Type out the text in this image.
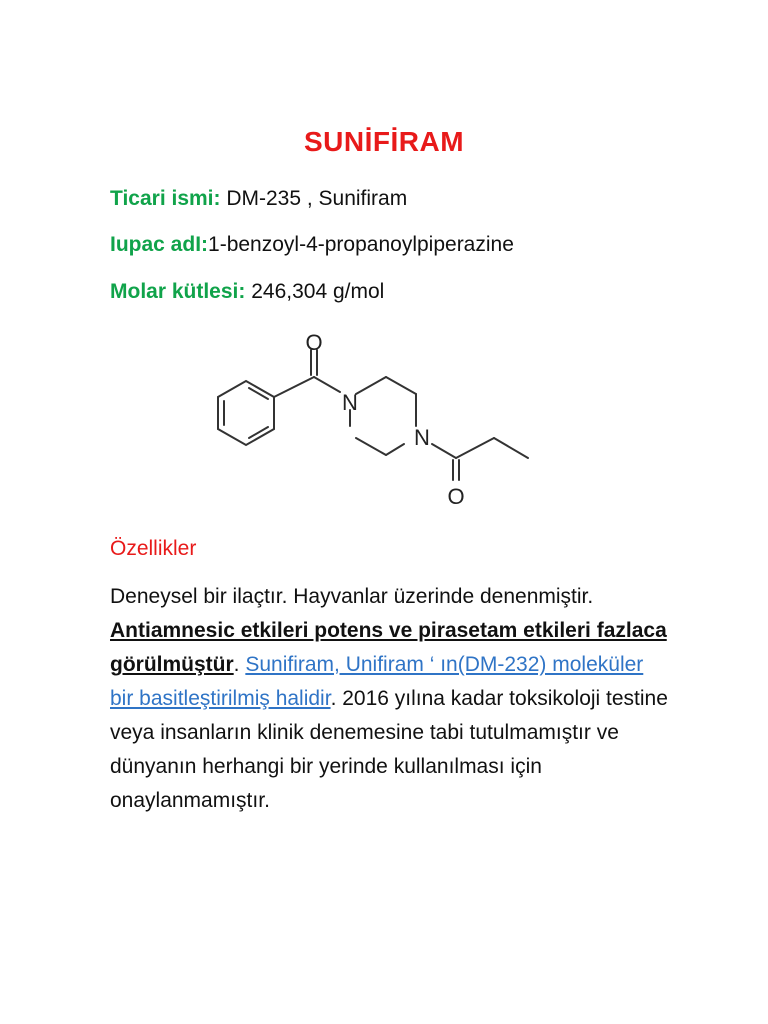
SUNİFİRAM
Ticari ismi: DM-235 , Sunifiram
Iupac adI:1-benzoyl-4-propanoylpiperazine
Molar kütlesi: 246,304 g/mol
O
N
N
O
Özellikler
Deneysel bir ilaçtır. Hayvanlar üzerinde denenmiştir. Antiamnesic etkileri potens ve pirasetam etkileri fazlaca görülmüştür. Sunifiram, Unifiram ‘ ın(DM-232) moleküler bir basitleştirilmiş halidir. 2016 yılına kadar toksikoloji testine veya insanların klinik denemesine tabi tutulmamıştır ve dünyanın herhangi bir yerinde kullanılması için onaylanmamıştır.
